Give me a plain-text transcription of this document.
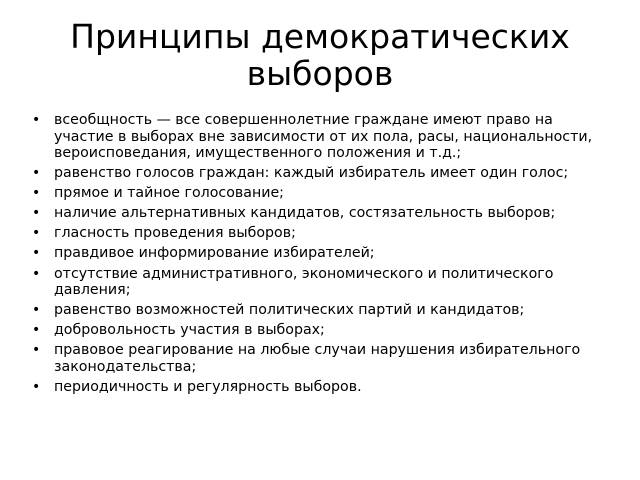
Принципы демократических выборов
• всеобщность — все совершеннолетние граждане имеют право на участие в выборах вне зависимости от их пола, расы, национальности, вероисповедания, имущественного положения и т.д.;
• равенство голосов граждан: каждый избиратель имеет один голос;
• прямое и тайное голосование;
• наличие альтернативных кандидатов, состязательность выборов;
• гласность проведения выборов;
• правдивое информирование избирателей;
• отсутствие административного, экономического и политического давления;
• равенство возможностей политических партий и кандидатов;
• добровольность участия в выборах;
• правовое реагирование на любые случаи нарушения избирательного законодательства;
• периодичность и регулярность выборов.
